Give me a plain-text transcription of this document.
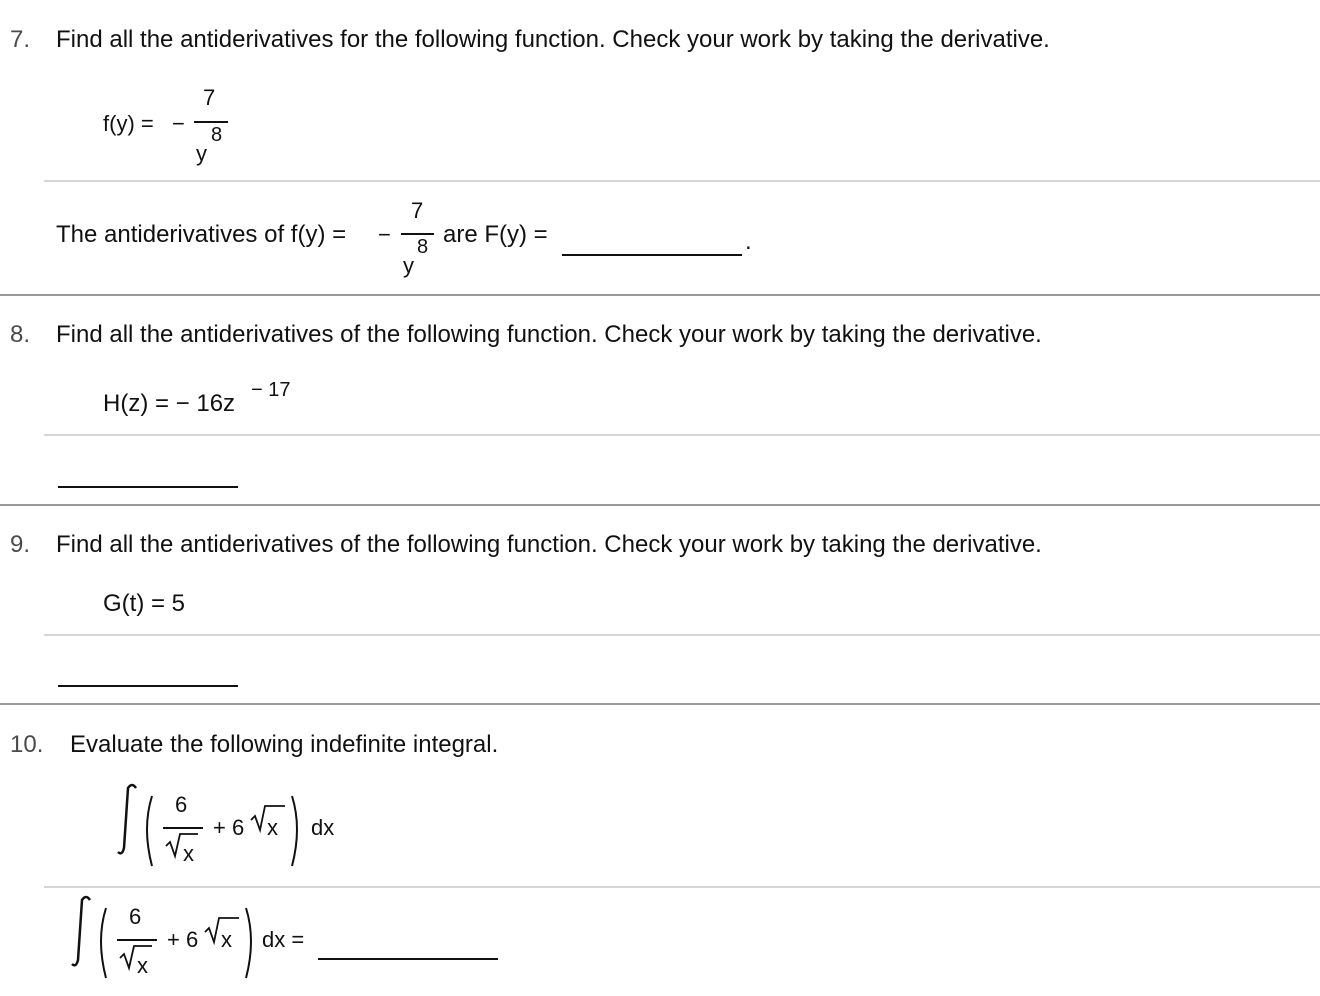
7. Find all the antiderivatives for the following function. Check your work by taking the derivative.
f(y) = −
7
y
8
The antiderivatives of f(y) = −
7
y
8 are F(y) =	.
8. Find all the antiderivatives of the following function. Check your work by taking the derivative.
H(z) = − 16z − 17
9. Find all the antiderivatives of the following function. Check your work by taking the derivative.
G(t) = 5
10. Evaluate the following indefinite integral.
6
x
+ 6 x dx
6
x
+ 6 x dx =
